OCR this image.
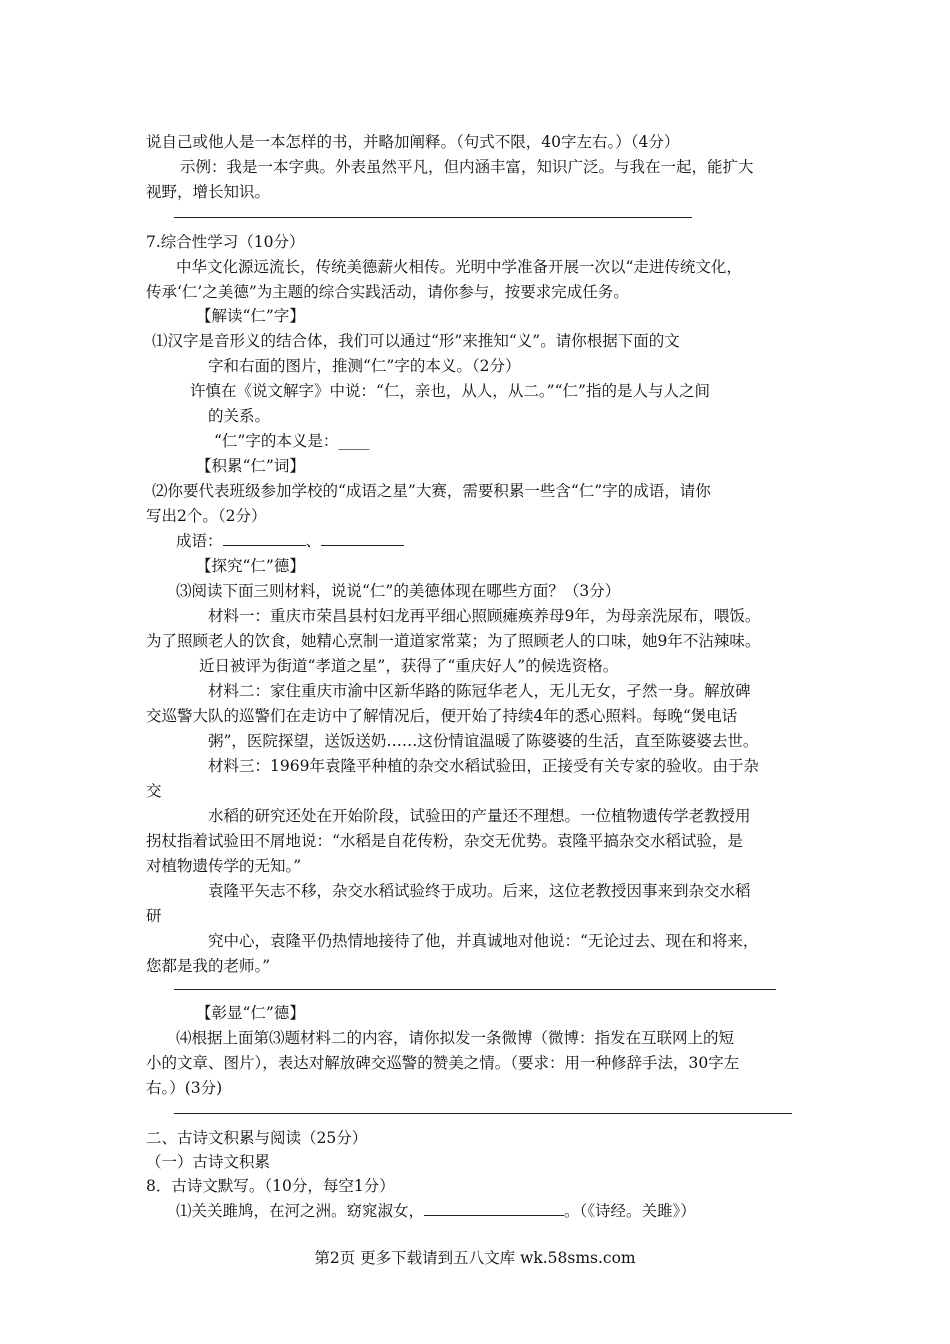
说自己或他人是一本怎样的书，并略加阐释。（句式不限，40字左右。）（4分）
示例：我是一本字典。外表虽然平凡，但内涵丰富，知识广泛。与我在一起，能扩大
视野，增长知识。
7.综合性学习（10分）
中华文化源远流长，传统美德薪火相传。光明中学准备开展一次以“走进传统文化，
传承‘仁’之美德”为主题的综合实践活动，请你参与，按要求完成任务。
【解读“仁”字】
⑴汉字是音形义的结合体，我们可以通过“形”来推知“义”。请你根据下面的文
字和右面的图片，推测“仁”字的本义。（2分）
许慎在《说文解字》中说：“仁，亲也，从人，从二。”“仁”指的是人与人之间
的关系。
“仁”字的本义是：____
【积累“仁”词】
⑵你要代表班级参加学校的“成语之星”大赛，需要积累一些含“仁”字的成语，请你
写出2个。（2分）
成语：	、
【探究“仁”德】
⑶阅读下面三则材料，说说“仁”的美德体现在哪些方面？（3分）
材料一：重庆市荣昌县村妇龙再平细心照顾瘫痪养母9年，为母亲洗尿布，喂饭。
为了照顾老人的饮食，她精心烹制一道道家常菜；为了照顾老人的口味，她9年不沾辣味。
近日被评为街道“孝道之星”，获得了“重庆好人”的候选资格。
材料二：家住重庆市渝中区新华路的陈冠华老人，无儿无女，孑然一身。解放碑
交巡警大队的巡警们在走访中了解情况后，便开始了持续4年的悉心照料。每晚“煲电话
粥”，医院探望，送饭送奶……这份情谊温暖了陈婆婆的生活，直至陈婆婆去世。
材料三：1969年袁隆平种植的杂交水稻试验田，正接受有关专家的验收。由于杂
交
水稻的研究还处在开始阶段，试验田的产量还不理想。一位植物遗传学老教授用
拐杖指着试验田不屑地说：“水稻是自花传粉，杂交无优势。袁隆平搞杂交水稻试验，是
对植物遗传学的无知。”
袁隆平矢志不移，杂交水稻试验终于成功。后来，这位老教授因事来到杂交水稻
研
究中心，袁隆平仍热情地接待了他，并真诚地对他说：“无论过去、现在和将来，
您都是我的老师。”
【彰显“仁”德】
⑷根据上面第⑶题材料二的内容，请你拟发一条微博（微博：指发在互联网上的短
小的文章、图片），表达对解放碑交巡警的赞美之情。（要求：用一种修辞手法，30字左
右。）(3分)
二、古诗文积累与阅读（25分）
（一）古诗文积累
8．古诗文默写。（10分，每空1分）
⑴关关雎鸠，在河之洲。窈窕淑女，	。（《诗经。关雎》）
第2页 更多下载请到五八文库 wk.58sms.com
